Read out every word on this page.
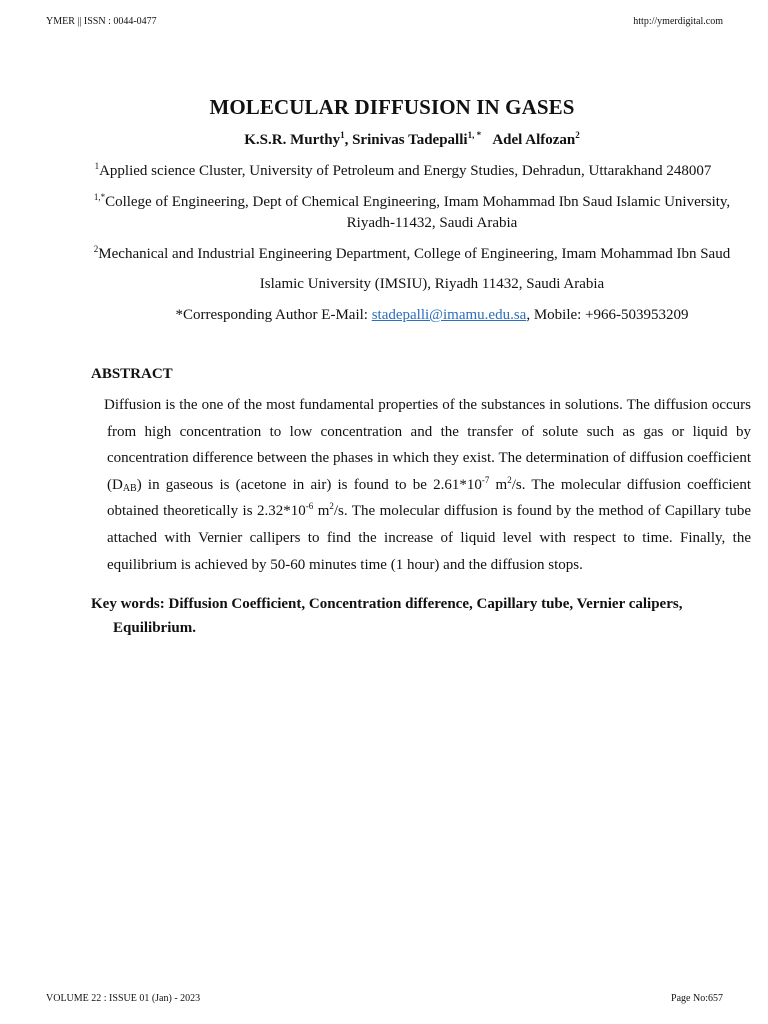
YMER || ISSN : 0044-0477	http://ymerdigital.com
MOLECULAR DIFFUSION IN GASES
K.S.R. Murthy$^1$, Srinivas Tadepalli$^{1, *}$ Adel Alfozan$^2$
$^1$Applied science Cluster, University of Petroleum and Energy Studies, Dehradun, Uttarakhand 248007
$^{1,*}$College of Engineering, Dept of Chemical Engineering, Imam Mohammad Ibn Saud Islamic University,
Riyadh-11432, Saudi Arabia
$^2$Mechanical and Industrial Engineering Department, College of Engineering, Imam Mohammad Ibn Saud
Islamic University (IMSIU), Riyadh 11432, Saudi Arabia
*Corresponding Author E-Mail: stadepalli@imamu.edu.sa, Mobile: +966-503953209
ABSTRACT
Diffusion is the one of the most fundamental properties of the substances in solutions. The diffusion occurs from high concentration to low concentration and the transfer of solute such as gas or liquid by concentration difference between the phases in which they exist. The determination of diffusion coefficient $(D_{AB})$ in gaseous is (acetone in air) is found to be $2.61*10^{-7}$ $m^2/s$. The molecular diffusion coefficient obtained theoretically is $2.32*10^{-6}$ $m^2/s$. The molecular diffusion is found by the method of Capillary tube attached with Vernier callipers to find the increase of liquid level with respect to time. Finally, the equilibrium is achieved by 50-60 minutes time (1 hour) and the diffusion stops.
Key words: Diffusion Coefficient, Concentration difference, Capillary tube, Vernier calipers,
Equilibrium.
VOLUME 22 : ISSUE 01 (Jan) - 2023	Page No:657
